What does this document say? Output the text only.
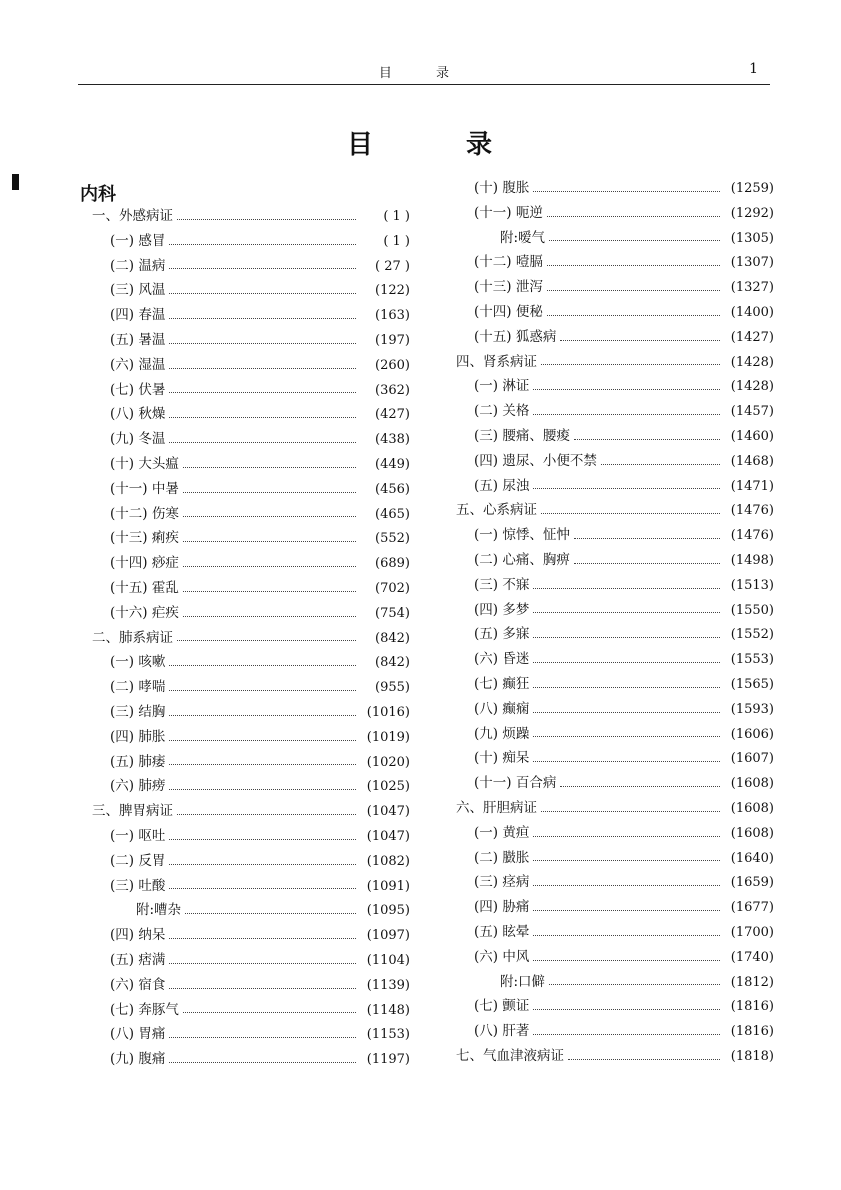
目 录	1
目 录
内科
一、外感病证	( 1 )
(一) 感冒	( 1 )
(二) 温病	( 27 )
(三) 风温	(122)
(四) 春温	(163)
(五) 暑温	(197)
(六) 湿温	(260)
(七) 伏暑	(362)
(八) 秋燥	(427)
(九) 冬温	(438)
(十) 大头瘟	(449)
(十一) 中暑	(456)
(十二) 伤寒	(465)
(十三) 痢疾	(552)
(十四) 痧症	(689)
(十五) 霍乱	(702)
(十六) 疟疾	(754)
二、肺系病证	(842)
(一) 咳嗽	(842)
(二) 哮喘	(955)
(三) 结胸	(1016)
(四) 肺胀	(1019)
(五) 肺痿	(1020)
(六) 肺痨	(1025)
三、脾胃病证	(1047)
(一) 呕吐	(1047)
(二) 反胃	(1082)
(三) 吐酸	(1091)
附:嘈杂	(1095)
(四) 纳呆	(1097)
(五) 痞满	(1104)
(六) 宿食	(1139)
(七) 奔豚气	(1148)
(八) 胃痛	(1153)
(九) 腹痛	(1197)
(十) 腹胀	(1259)
(十一) 呃逆	(1292)
附:嗳气	(1305)
(十二) 噎膈	(1307)
(十三) 泄泻	(1327)
(十四) 便秘	(1400)
(十五) 狐惑病	(1427)
四、肾系病证	(1428)
(一) 淋证	(1428)
(二) 关格	(1457)
(三) 腰痛、腰痠	(1460)
(四) 遗尿、小便不禁	(1468)
(五) 尿浊	(1471)
五、心系病证	(1476)
(一) 惊悸、怔忡	(1476)
(二) 心痛、胸痹	(1498)
(三) 不寐	(1513)
(四) 多梦	(1550)
(五) 多寐	(1552)
(六) 昏迷	(1553)
(七) 癫狂	(1565)
(八) 癫痫	(1593)
(九) 烦躁	(1606)
(十) 痴呆	(1607)
(十一) 百合病	(1608)
六、肝胆病证	(1608)
(一) 黄疸	(1608)
(二) 臌胀	(1640)
(三) 痉病	(1659)
(四) 胁痛	(1677)
(五) 眩晕	(1700)
(六) 中风	(1740)
附:口僻	(1812)
(七) 颤证	(1816)
(八) 肝著	(1816)
七、气血津液病证	(1818)
